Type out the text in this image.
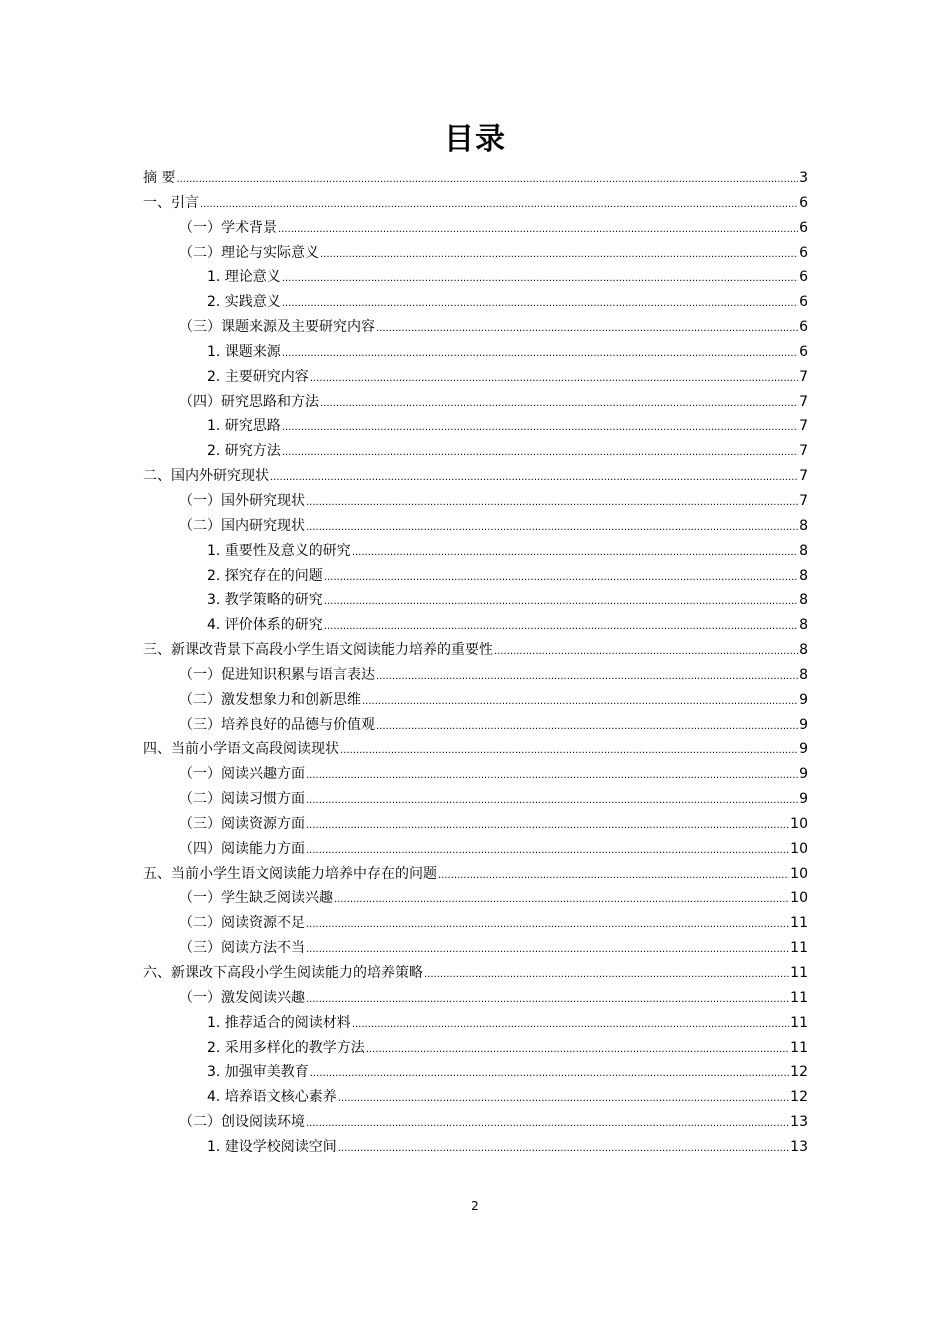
目录
摘 要 .....	3
一、引言 .....	6
（一）学术背景 .....	6
（二）理论与实际意义 .....	6
1. 理论意义 .....	6
2. 实践意义 .....	6
（三）课题来源及主要研究内容 .....	6
1. 课题来源 .....	6
2. 主要研究内容 .....	7
（四）研究思路和方法 .....	7
1. 研究思路 .....	7
2. 研究方法 .....	7
二、国内外研究现状 .....	7
（一）国外研究现状 .....	7
（二）国内研究现状 .....	8
1. 重要性及意义的研究 .....	8
2. 探究存在的问题 .....	8
3. 教学策略的研究 .....	8
4. 评价体系的研究 .....	8
三、新课改背景下高段小学生语文阅读能力培养的重要性 .....	8
（一）促进知识积累与语言表达 .....	8
（二）激发想象力和创新思维 .....	9
（三）培养良好的品德与价值观 .....	9
四、当前小学语文高段阅读现状 .....	9
（一）阅读兴趣方面 .....	9
（二）阅读习惯方面 .....	9
（三）阅读资源方面 .....	10
（四）阅读能力方面 .....	10
五、当前小学生语文阅读能力培养中存在的问题 .....	10
（一）学生缺乏阅读兴趣 .....	10
（二）阅读资源不足 .....	11
（三）阅读方法不当 .....	11
六、新课改下高段小学生阅读能力的培养策略 .....	11
（一）激发阅读兴趣 .....	11
1. 推荐适合的阅读材料 .....	11
2. 采用多样化的教学方法 .....	11
3. 加强审美教育 .....	12
4. 培养语文核心素养 .....	12
（二）创设阅读环境 .....	13
1. 建设学校阅读空间 .....	13
2
